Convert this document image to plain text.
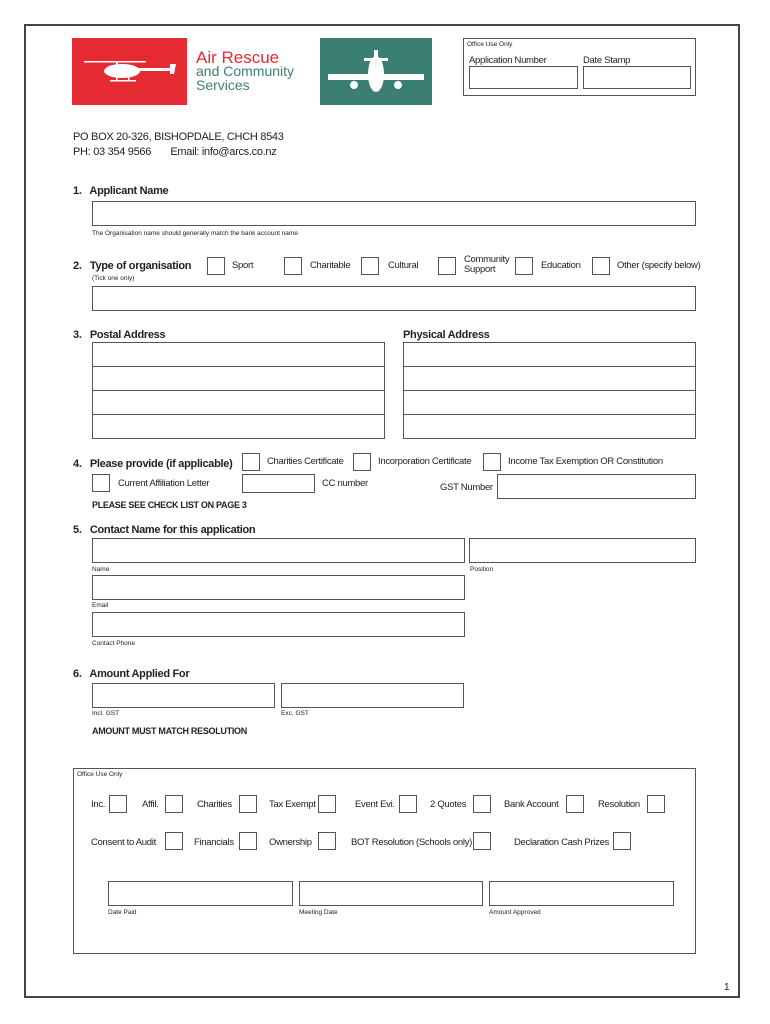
Air Rescue
and Community
Services
Office Use Only
Application Number	Date Stamp
PO BOX 20-326, BISHOPDALE, CHCH 8543
PH: 03 354 9566       Email: info@arcs.co.nz
1.   Applicant Name
The Organisation name should generally match the bank account name
2.   Type of organisation
(Tick one only)
Sport	Charitable	Cultural
Community
Support	Education	Other (specify below)
3.   Postal Address	Physical Address
4.   Please provide (if applicable)	Charities Certificate	Incorporation Certificate	Income Tax Exemption OR Constitution
Current Affiliation Letter	CC number	GST Number
PLEASE SEE CHECK LIST ON PAGE 3
5.   Contact Name for this application
Name	Position
Email
Contact Phone
6.   Amount Applied For
Incl. GST	Exc. GST
AMOUNT MUST MATCH RESOLUTION
Office Use Only
Inc.	Affil.	Charities	Tax Exempt	Event Evi.	2 Quotes	Bank Account	Resolution
Consent to Audit	Financials	Ownership	BOT Resolution (Schools only)	Declaration Cash Prizes
Date Paid	Meeting Date	Amount Approved
1
